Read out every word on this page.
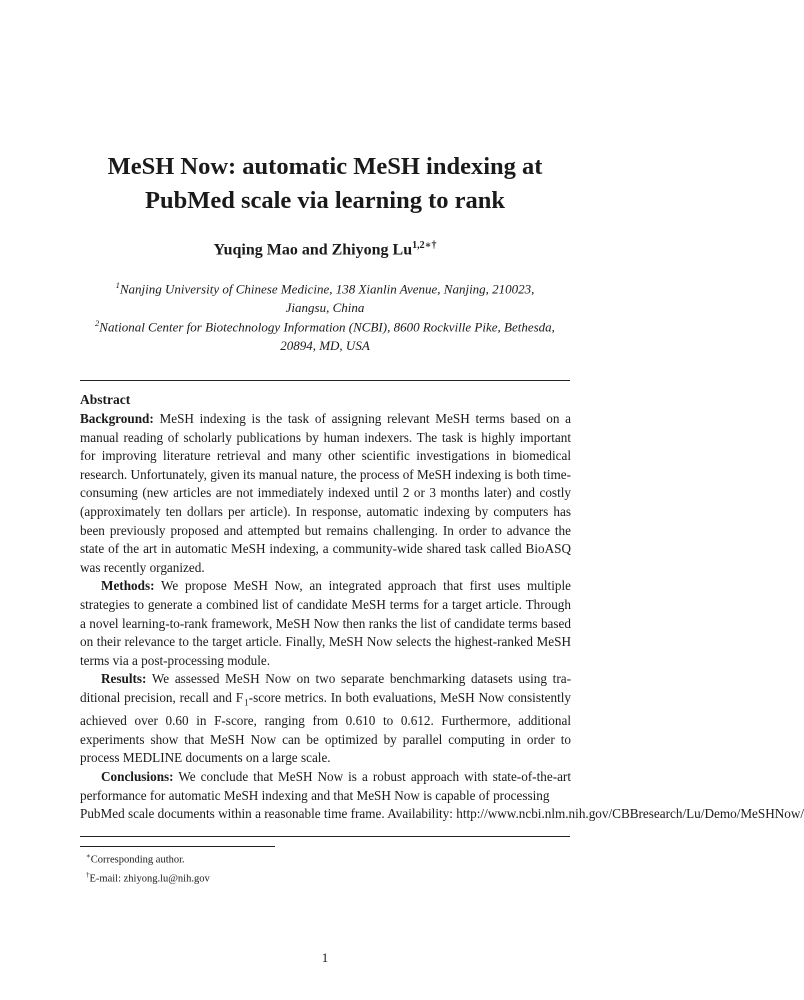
MeSH Now: automatic MeSH indexing at
PubMed scale via learning to rank
Yuqing Mao and Zhiyong $Lu^{1,2∗\dagger}$
$^1$Nanjing University of Chinese Medicine, 138 Xianlin Avenue, Nanjing, 210023,
Jiangsu, China
$^2$National Center for Biotechnology Information (NCBI), 8600 Rockville Pike, Bethesda,
20894, MD, USA
Abstract

Background: MeSH indexing is the task of assigning relevant MeSH terms based on a manual reading of scholarly publications by human indexers. The task is highly important for improving literature retrieval and many other scientific investigations in biomedical research. Unfortunately, given its manual nature, the process of MeSH indexing is both time-consuming (new articles are not immediately indexed until 2 or 3 months later) and costly (approximately ten dollars per article). In response, automatic indexing by computers has been previously proposed and attempted but remains challenging. In order to advance the state of the art in automatic MeSH indexing, a community-wide shared task called BioASQ was recently organized.

Methods: We propose MeSH Now, an integrated approach that first uses multiple strategies to generate a combined list of candidate MeSH terms for a target article. Through a novel learning-to-rank framework, MeSH Now then ranks the list of candidate terms based on their relevance to the target article. Finally, MeSH Now selects the highest-ranked MeSH terms via a post-processing module.

Results: We assessed MeSH Now on two separate benchmarking datasets using traditional precision, recall and F $_1$-score metrics. In both evaluations, MeSH Now consistently achieved over 0.60 in F-score, ranging from 0.610 to 0.612. Furthermore, additional experiments show that MeSH Now can be optimized by parallel computing in order to process MEDLINE documents on a large scale.

Conclusions: We conclude that MeSH Now is a robust approach with state-of-the-art performance for automatic MeSH indexing and that MeSH Now is capable of processing

PubMed scale documents within a reasonable time frame. Availability: http://www.ncbi.nlm.nih.gov/CBBresearch/Lu/Demo/MeSHNow/
∗Corresponding author.
†E-mail: zhiyong.lu@nih.gov
1
